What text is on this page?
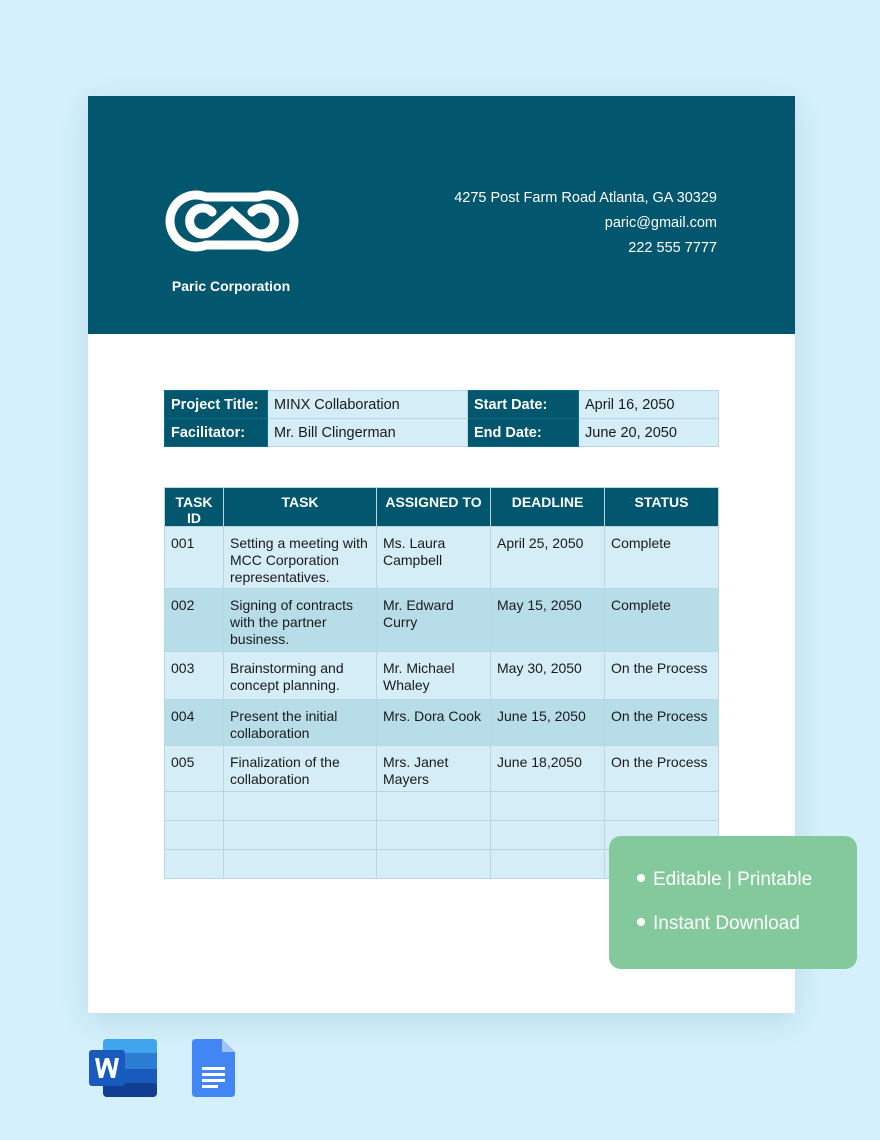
Paric Corporation
4275 Post Farm Road Atlanta, GA 30329
paric@gmail.com
222 555 7777
Project Title:	MINX Collaboration	Start Date:	April 16, 2050
Facilitator:	Mr. Bill Clingerman	End Date:	June 20, 2050
TASK ID	TASK	ASSIGNED TO	DEADLINE	STATUS
001	Setting a meeting with MCC Corporation representatives.	Ms. Laura Campbell	April 25, 2050	Complete
002	Signing of contracts with the partner business.	Mr. Edward Curry	May 15, 2050	Complete
003	Brainstorming and concept planning.	Mr. Michael Whaley	May 30, 2050	On the Process
004	Present the initial collaboration	Mrs. Dora Cook	June 15, 2050	On the Process
005	Finalization of the collaboration	Mrs. Janet Mayers	June 18,2050	On the Process

Editable | Printable
Instant Download
